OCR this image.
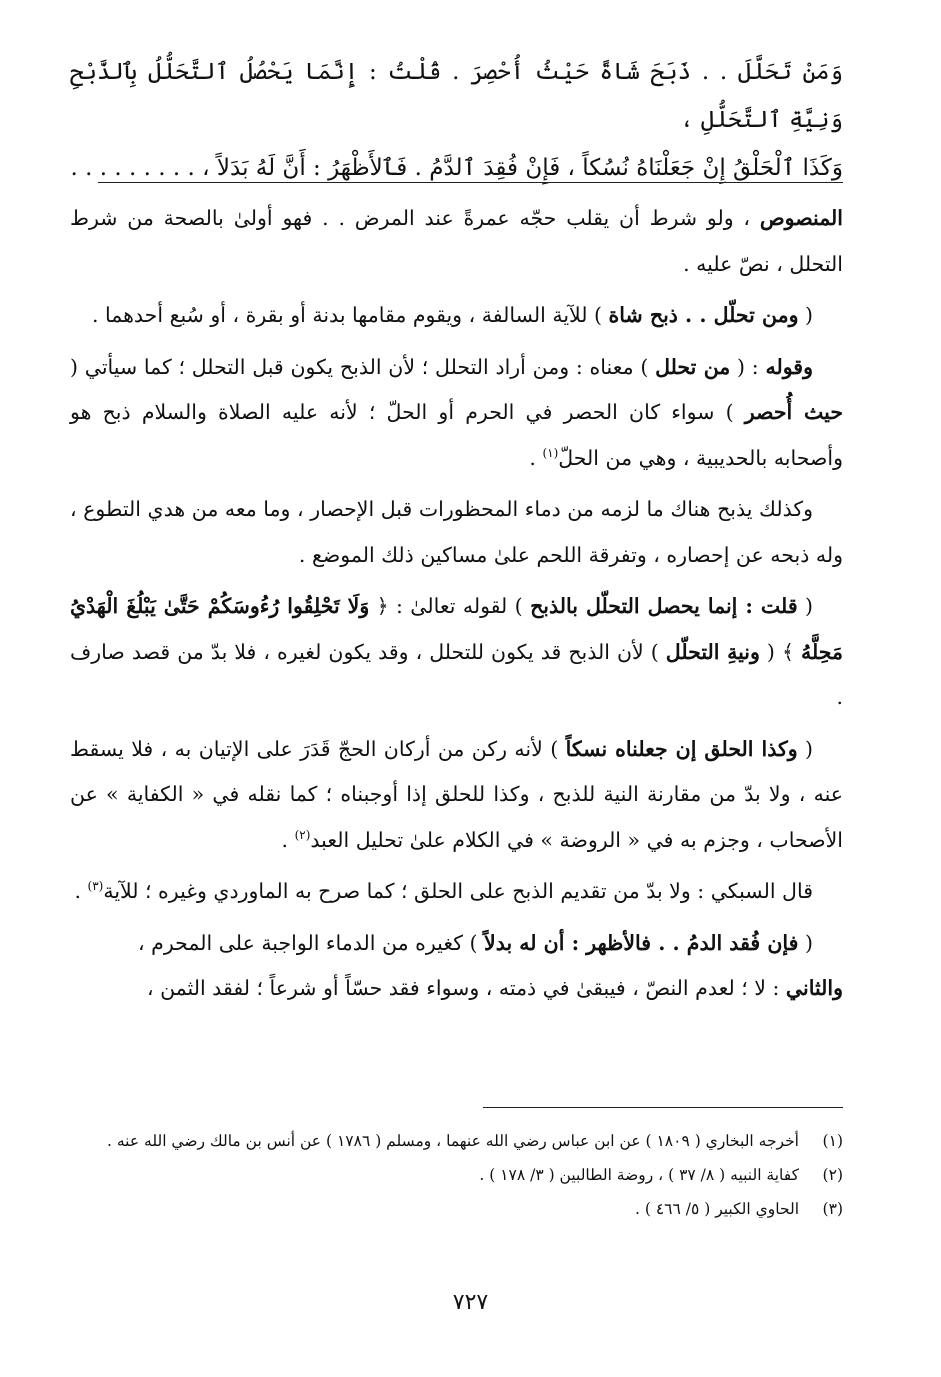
وَمَنْ تَحَلَّلَ . . ذَبَحَ شَاةً حَيْثُ أُحْصِرَ . قُلْتُ : إِنَّمَا يَحْصُلُ ٱلتَّحَلُّلُ بِٱلذَّبْحِ وَنِيَّةِ ٱلتَّحَلُّلِ ،

وَكَذَا ٱلْحَلْقُ إِنْ جَعَلْنَاهُ نُسُكاً ، فَإِنْ فُقِدَ ٱلدَّمُ . فَٱلأَظْهَرُ : أَنَّ لَهُ بَدَلاً ، . . . . . . . . .

المنصوص ، ولو شرط أن يقلب حجّه عمرةً عند المرض . . فهو أولىٰ بالصحة من شرط التحلل ، نصّ عليه .

( ومن تحلّل . . ذبح شاة ) للآية السالفة ، ويقوم مقامها بدنة أو بقرة ، أو سُبع أحدهما .

وقوله : ( من تحلل ) معناه : ومن أراد التحلل ؛ لأن الذبح يكون قبل التحلل ؛ كما سيأتي ( حيث أُحصر ) سواء كان الحصر في الحرم أو الحلّ ؛ لأنه عليه الصلاة والسلام ذبح هو وأصحابه بالحديبية ، وهي من الحلّ$^{(١)}$ .

وكذلك يذبح هناك ما لزمه من دماء المحظورات قبل الإحصار ، وما معه من هدي التطوع ، وله ذبحه عن إحصاره ، وتفرقة اللحم علىٰ مساكين ذلك الموضع .

( قلت : إنما يحصل التحلّل بالذبح ) لقوله تعالىٰ : ﴿ وَلَا تَحْلِقُوا رُءُوسَكُمْ حَتَّىٰ يَبْلُغَ الْهَدْيُ مَحِلَّهُ ﴾ ( ونيةِ التحلّل ) لأن الذبح قد يكون للتحلل ، وقد يكون لغيره ، فلا بدّ من قصد صارف .

( وكذا الحلق إن جعلناه نسكاً ) لأنه ركن من أركان الحجّ قَدَرَ على الإتيان به ، فلا يسقط عنه ، ولا بدّ من مقارنة النية للذبح ، وكذا للحلق إذا أوجبناه ؛ كما نقله في « الكفاية » عن الأصحاب ، وجزم به في « الروضة » في الكلام علىٰ تحليل العبد$^{(٢)}$ .

قال السبكي : ولا بدّ من تقديم الذبح على الحلق ؛ كما صرح به الماوردي وغيره ؛ للآية$^{(٣)}$ .

( فإن فُقد الدمُ . . فالأظهر : أن له بدلاً ) كغيره من الدماء الواجبة على المحرم ،
والثاني : لا ؛ لعدم النصّ ، فيبقىٰ في ذمته ، وسواء فقد حسّاً أو شرعاً ؛ لفقد الثمن ،

(١)
أخرجه البخاري ( ١٨٠٩ ) عن ابن عباس رضي الله عنهما ، ومسلم ( ١٧٨٦ ) عن أنس بن مالك رضي الله عنه .
(٢)
كفاية النبيه ( ٨/ ٣٧ ) ، روضة الطالبين ( ٣/ ١٧٨ ) .
(٣)
الحاوي الكبير ( ٥/ ٤٦٦ ) .
٧٢٧
